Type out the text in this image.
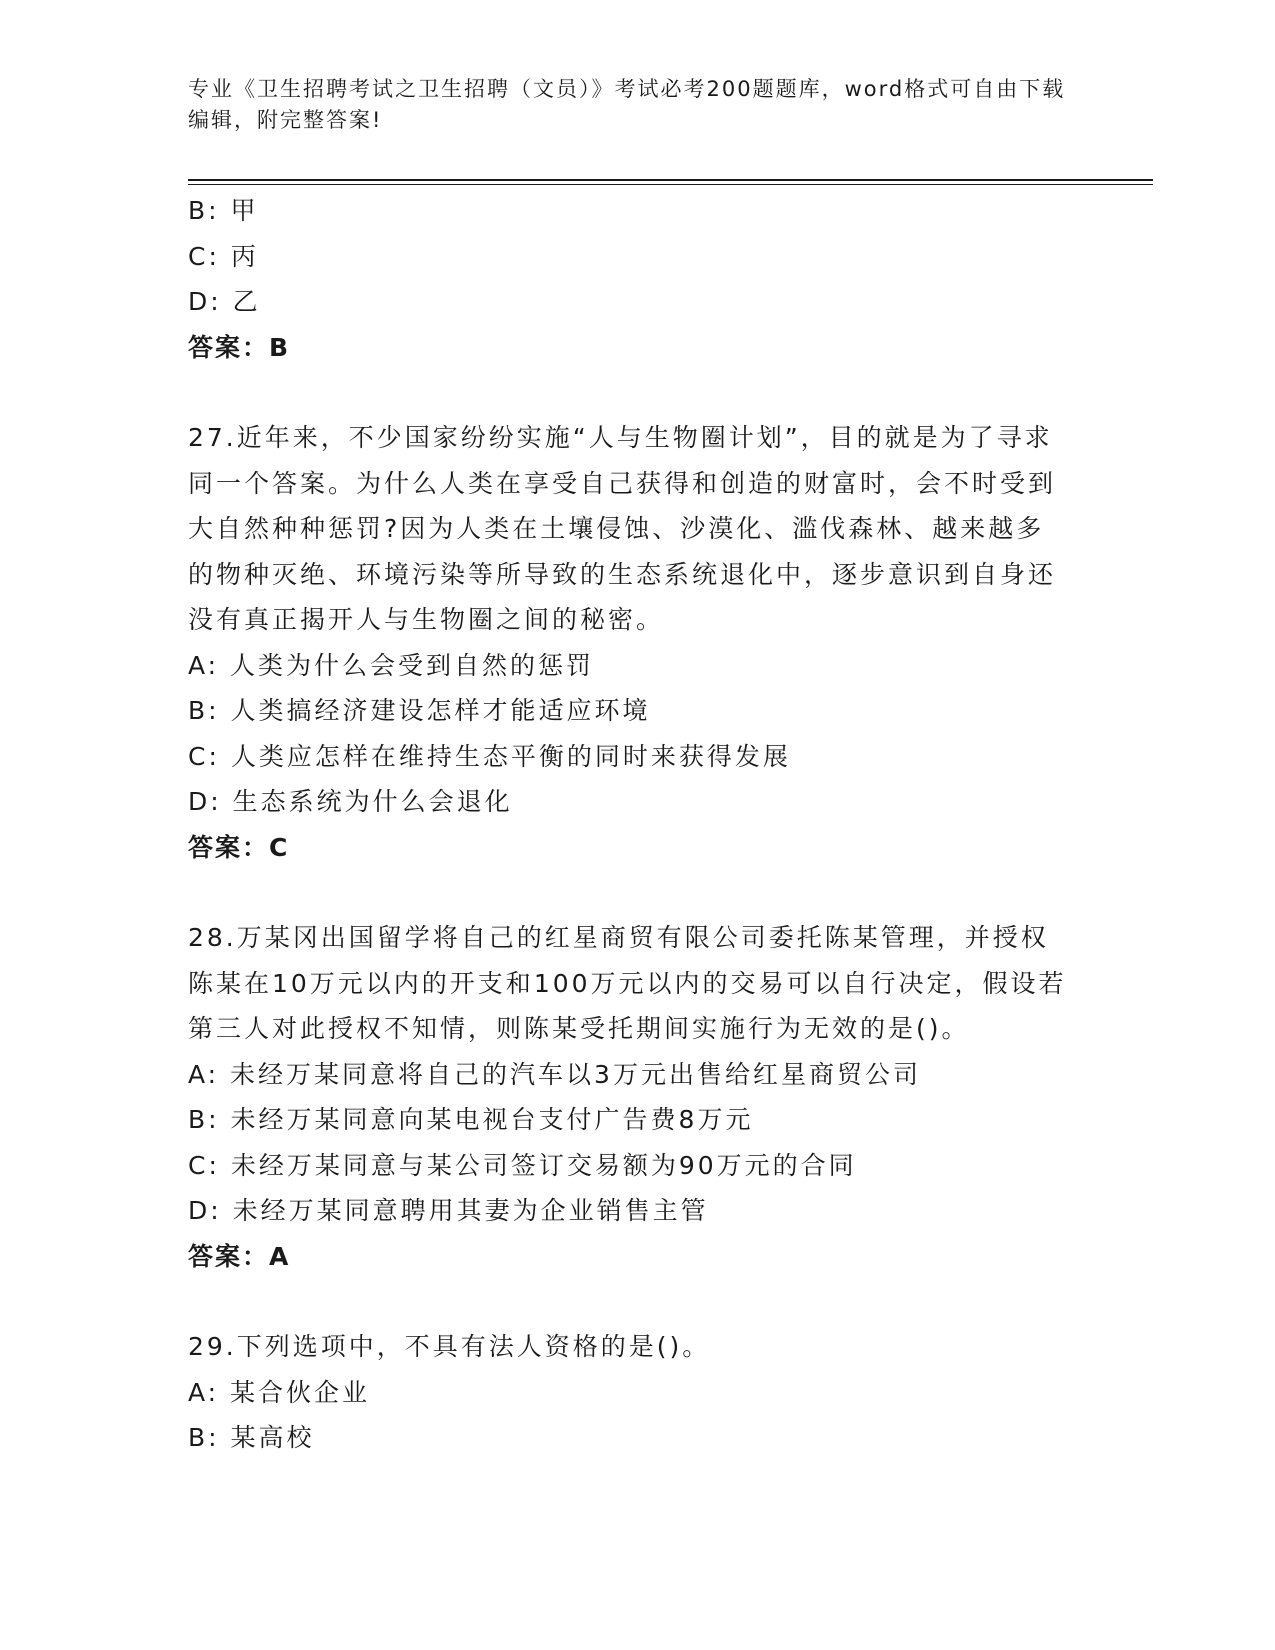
专业《卫生招聘考试之卫生招聘（文员）》考试必考200题题库，word格式可自由下载编辑，附完整答案!

B: 甲
C: 丙
D: 乙
答案：B

27.近年来，不少国家纷纷实施“人与生物圈计划”，目的就是为了寻求同一个答案。为什么人类在享受自己获得和创造的财富时，会不时受到大自然种种惩罚?因为人类在土壤侵蚀、沙漠化、滥伐森林、越来越多的物种灭绝、环境污染等所导致的生态系统退化中，逐步意识到自身还没有真正揭开人与生物圈之间的秘密。

A: 人类为什么会受到自然的惩罚
B: 人类搞经济建设怎样才能适应环境
C: 人类应怎样在维持生态平衡的同时来获得发展
D: 生态系统为什么会退化
答案：C

28.万某冈出国留学将自己的红星商贸有限公司委托陈某管理，并授权陈某在10万元以内的开支和100万元以内的交易可以自行决定，假设若第三人对此授权不知情，则陈某受托期间实施行为无效的是()。

A: 未经万某同意将自己的汽车以3万元出售给红星商贸公司
B: 未经万某同意向某电视台支付广告费8万元
C: 未经万某同意与某公司签订交易额为90万元的合同
D: 未经万某同意聘用其妻为企业销售主管
答案：A

29.下列选项中，不具有法人资格的是()。

A: 某合伙企业
B: 某高校
